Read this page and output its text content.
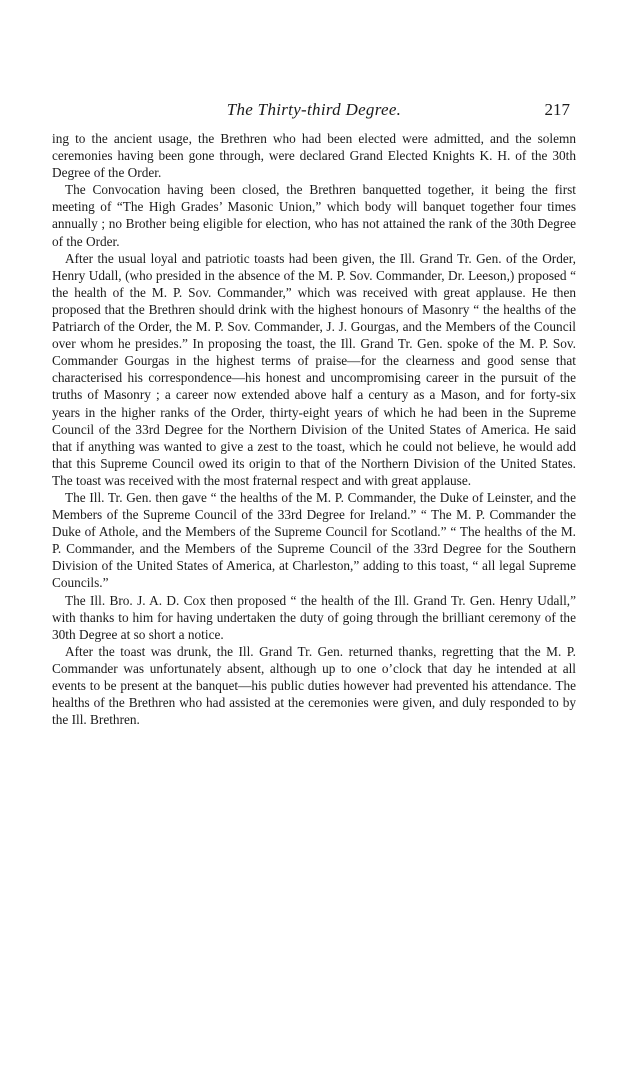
The Thirty-third Degree.	217

ing to the ancient usage, the Brethren who had been elected were admitted, and the solemn ceremonies having been gone through, were declared Grand Elected Knights K. H. of the 30th Degree of the Order.

The Convocation having been closed, the Brethren banquetted together, it being the first meeting of “The High Grades’ Masonic Union,” which body will banquet together four times annually ; no Brother being eligible for election, who has not attained the rank of the 30th Degree of the Order.

After the usual loyal and patriotic toasts had been given, the Ill. Grand Tr. Gen. of the Order, Henry Udall, (who presided in the absence of the M. P. Sov. Commander, Dr. Leeson,) proposed “ the health of the M. P. Sov. Commander,” which was received with great applause. He then proposed that the Brethren should drink with the highest honours of Masonry “ the healths of the Patriarch of the Order, the M. P. Sov. Commander, J. J. Gourgas, and the Members of the Council over whom he presides.” In proposing the toast, the Ill. Grand Tr. Gen. spoke of the M. P. Sov. Commander Gourgas in the highest terms of praise—for the clearness and good sense that characterised his correspondence—his honest and uncompromising career in the pursuit of the truths of Masonry ; a career now extended above half a century as a Mason, and for forty-six years in the higher ranks of the Order, thirty-eight years of which he had been in the Supreme Council of the 33rd Degree for the Northern Division of the United States of America. He said that if anything was wanted to give a zest to the toast, which he could not believe, he would add that this Supreme Council owed its origin to that of the Northern Division of the United States. The toast was received with the most fraternal respect and with great applause.

The Ill. Tr. Gen. then gave “ the healths of the M. P. Commander, the Duke of Leinster, and the Members of the Supreme Council of the 33rd Degree for Ireland.” “ The M. P. Commander the Duke of Athole, and the Members of the Supreme Council for Scotland.” “ The healths of the M. P. Commander, and the Members of the Supreme Council of the 33rd Degree for the Southern Division of the United States of America, at Charleston,” adding to this toast, “ all legal Supreme Councils.”

The Ill. Bro. J. A. D. Cox then proposed “ the health of the Ill. Grand Tr. Gen. Henry Udall,” with thanks to him for having undertaken the duty of going through the brilliant ceremony of the 30th Degree at so short a notice.

After the toast was drunk, the Ill. Grand Tr. Gen. returned thanks, regretting that the M. P. Commander was unfortunately absent, although up to one o’clock that day he intended at all events to be present at the banquet—his public duties however had prevented his attendance. The healths of the Brethren who had assisted at the ceremonies were given, and duly responded to by the Ill. Brethren.
